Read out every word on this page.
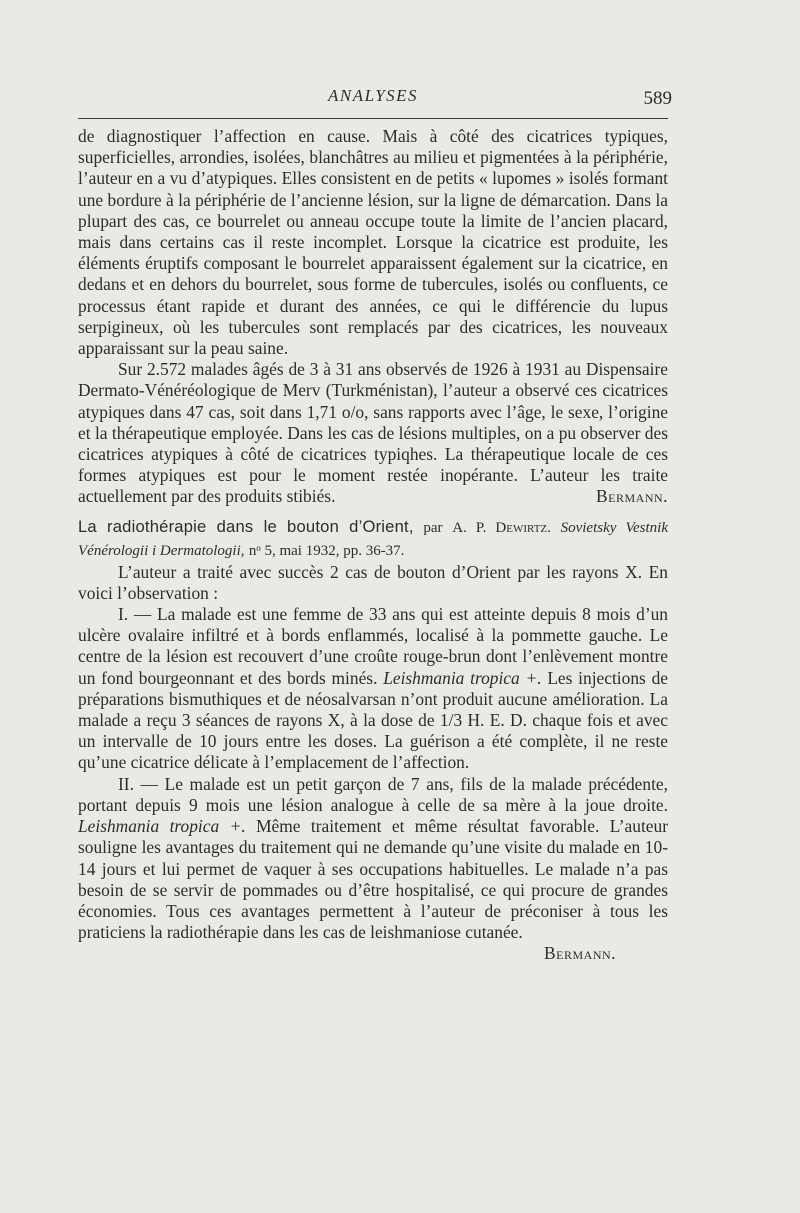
ANALYSES	589

de diagnostiquer l’affection en cause. Mais à côté des cicatrices typiques, superficielles, arrondies, isolées, blanchâtres au milieu et pigmentées à la périphérie, l’auteur en a vu d’atypiques. Elles consistent en de petits « lupomes » isolés formant une bordure à la périphérie de l’ancienne lésion, sur la ligne de démarcation. Dans la plupart des cas, ce bourrelet ou anneau occupe toute la limite de l’ancien placard, mais dans certains cas il reste incomplet. Lorsque la cicatrice est produite, les éléments éruptifs composant le bourrelet apparaissent également sur la cicatrice, en dedans et en dehors du bourrelet, sous forme de tubercules, isolés ou confluents, ce processus étant rapide et durant des années, ce qui le différencie du lupus serpigineux, où les tubercules sont remplacés par des cicatrices, les nouveaux apparaissant sur la peau saine.

Sur 2.572 malades âgés de 3 à 31 ans observés de 1926 à 1931 au Dispensaire Dermato-Vénéréologique de Merv (Turkménistan), l’auteur a observé ces cicatrices atypiques dans 47 cas, soit dans 1,71 o/o, sans rapports avec l’âge, le sexe, l’origine et la thérapeutique employée. Dans les cas de lésions multiples, on a pu observer des cicatrices atypiques à côté de cicatrices typiqhes. La thérapeutique locale de ces formes atypiques est pour le moment restée inopérante. L’auteur les traite actuellement par des produits stibiés.	Bermann.

La radiothérapie dans le bouton d’Orient, par A. P. Dewirtz. Sovietsky Vestnik Vénérologii i Dermatologii, nᵒ 5, mai 1932, pp. 36-37.

L’auteur a traité avec succès 2 cas de bouton d’Orient par les rayons X. En voici l’observation :

I. — La malade est une femme de 33 ans qui est atteinte depuis 8 mois d’un ulcère ovalaire infiltré et à bords enflammés, localisé à la pommette gauche. Le centre de la lésion est recouvert d’une croûte rouge-brun dont l’enlèvement montre un fond bourgeonnant et des bords minés. Leishmania tropica +. Les injections de préparations bismuthiques et de néosalvarsan n’ont produit aucune amélioration. La malade a reçu 3 séances de rayons X, à la dose de 1/3 H. E. D. chaque fois et avec un intervalle de 10 jours entre les doses. La guérison a été complète, il ne reste qu’une cicatrice délicate à l’emplacement de l’affection.

II. — Le malade est un petit garçon de 7 ans, fils de la malade précédente, portant depuis 9 mois une lésion analogue à celle de sa mère à la joue droite. Leishmania tropica +. Même traitement et même résultat favorable. L’auteur souligne les avantages du traitement qui ne demande qu’une visite du malade en 10-14 jours et lui permet de vaquer à ses occupations habituelles. Le malade n’a pas besoin de se servir de pommades ou d’être hospitalisé, ce qui procure de grandes économies. Tous ces avantages permettent à l’auteur de préconiser à tous les praticiens la radiothérapie dans les cas de leishmaniose cutanée.

Bermann.
